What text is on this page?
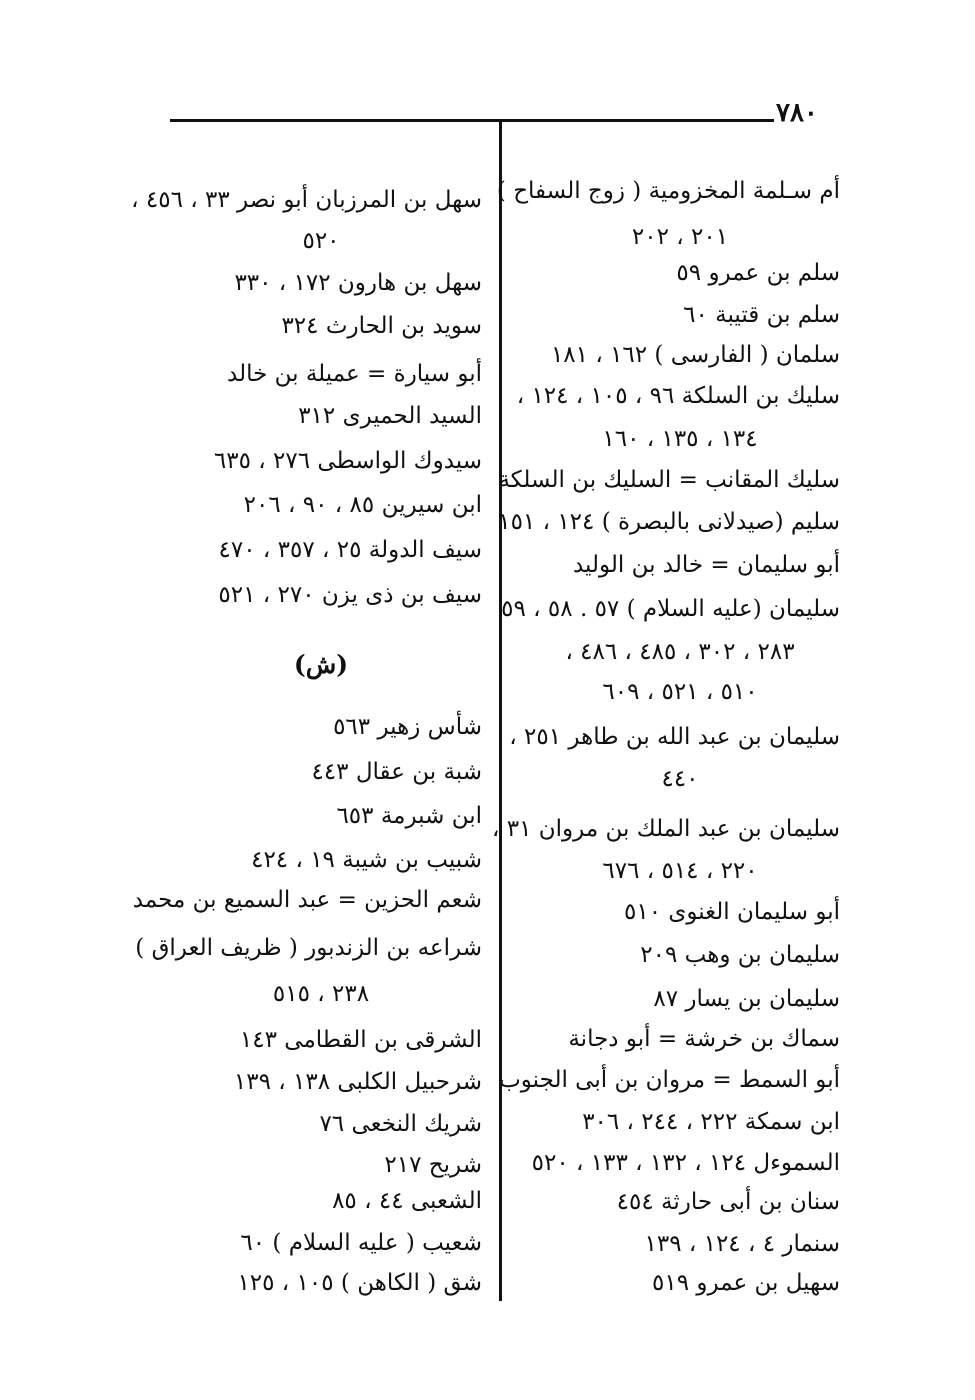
٧٨٠
أم سـلمة المخزومية ( زوج السفاح )
٢٠١ ، ٢٠٢
سلم بن عمرو ٥٩
سلم بن قتيبة ٦٠
سلمان ( الفارسى ) ١٦٢ ، ١٨١
سليك بن السلكة ٩٦ ، ١٠٥ ، ١٢٤ ،
١٣٤ ، ١٣٥ ، ١٦٠
سليك المقانب = السليك بن السلكة
سليم (صيدلانى بالبصرة ) ١٢٤ ، ١٥١
أبو سليمان = خالد بن الوليد
سليمان (عليه السلام ) ٥٧ . ٥٨ ، ٥٩
٢٨٣ ، ٣٠٢ ، ٤٨٥ ، ٤٨٦ ،
٥١٠ ، ٥٢١ ، ٦٠٩
سليمان بن عبد الله بن طاهر ٢٥١ ،
٤٤٠
سليمان بن عبد الملك بن مروان ٣١ ،
٢٢٠ ، ٥١٤ ، ٦٧٦
أبو سليمان الغنوى ٥١٠
سليمان بن وهب ٢٠٩
سليمان بن يسار ٨٧
سماك بن خرشة = أبو دجانة
أبو السمط = مروان بن أبى الجنوب
ابن سمكة ٢٢٢ ، ٢٤٤ ، ٣٠٦
السموءل ١٢٤ ، ١٣٢ ، ١٣٣ ، ٥٢٠
سنان بن أبى حارثة ٤٥٤
سنمار ٤ ، ١٢٤ ، ١٣٩
سهيل بن عمرو ٥١٩
(ش)
سهل بن المرزبان أبو نصر ٣٣ ، ٤٥٦ ،
٥٢٠
سهل بن هارون ١٧٢ ، ٣٣٠
سويد بن الحارث ٣٢٤
أبو سيارة = عميلة بن خالد
السيد الحميرى ٣١٢
سيدوك الواسطى ٢٧٦ ، ٦٣٥
ابن سيرين ٨٥ ، ٩٠ ، ٢٠٦
سيف الدولة ٢٥ ، ٣٥٧ ، ٤٧٠
سيف بن ذى يزن ٢٧٠ ، ٥٢١
شأس زهير ٥٦٣
شبة بن عقال ٤٤٣
ابن شبرمة ٦٥٣
شبيب بن شيبة ١٩ ، ٤٢٤
شعم الحزين = عبد السميع بن محمد
شراعه بن الزندبور ( ظريف العراق )
٢٣٨ ، ٥١٥
الشرقى بن القطامى ١٤٣
شرحبيل الكلبى ١٣٨ ، ١٣٩
شريك النخعى ٧٦
شريح ٢١٧
الشعبى ٤٤ ، ٨٥
شعيب ( عليه السلام ) ٦٠
شق ( الكاهن ) ١٠٥ ، ١٢٥
